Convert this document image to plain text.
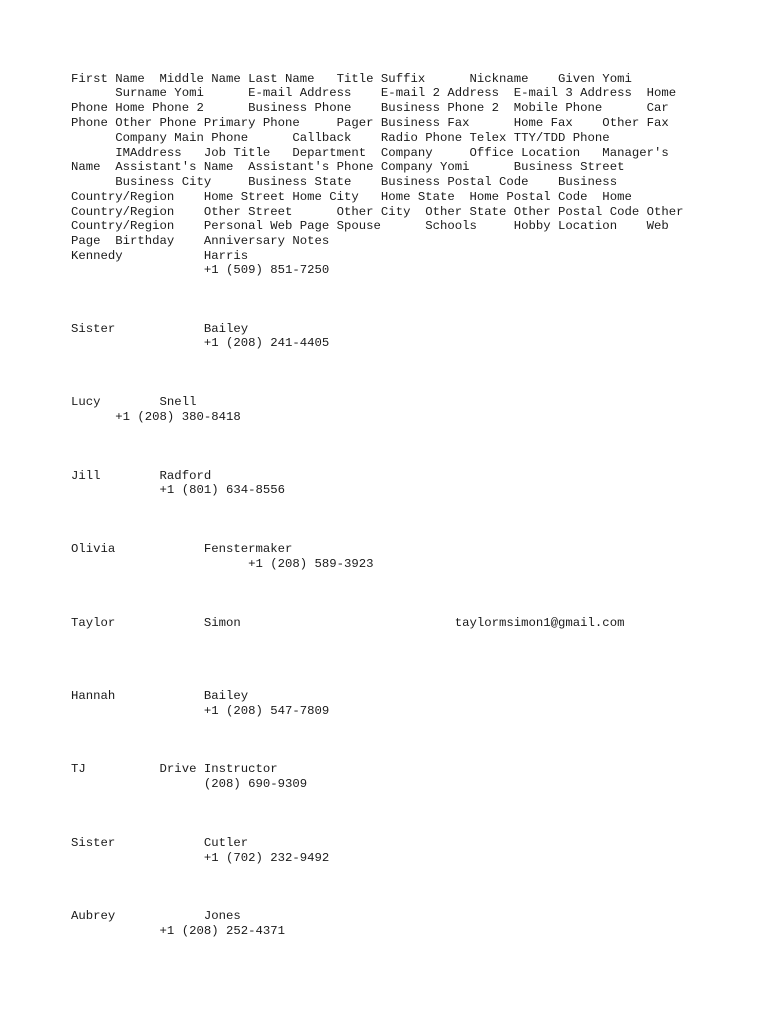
First Name  Middle Name Last Name   Title Suffix      Nickname    Given Yomi

Surname Yomi      E-mail Address    E-mail 2 Address  E-mail 3 Address  Home

Phone Home Phone 2      Business Phone    Business Phone 2  Mobile Phone      Car

Phone Other Phone Primary Phone     Pager Business Fax      Home Fax    Other Fax

Company Main Phone      Callback    Radio Phone Telex TTY/TDD Phone

IMAddress   Job Title   Department  Company     Office Location   Manager's

Name  Assistant's Name  Assistant's Phone Company Yomi      Business Street

Business City     Business State    Business Postal Code    Business

Country/Region    Home Street Home City   Home State  Home Postal Code  Home

Country/Region    Other Street      Other City  Other State Other Postal Code Other

Country/Region    Personal Web Page Spouse      Schools     Hobby Location    Web

Page  Birthday    Anniversary Notes

Kennedy           Harris

+1 (509) 851-7250

Sister            Bailey

+1 (208) 241-4405

Lucy        Snell

+1 (208) 380-8418

Jill        Radford

+1 (801) 634-8556

Olivia            Fenstermaker

+1 (208) 589-3923

Taylor            Simon                             taylormsimon1@gmail.com

Hannah            Bailey

+1 (208) 547-7809

TJ          Drive Instructor

(208) 690-9309

Sister            Cutler

+1 (702) 232-9492

Aubrey            Jones

+1 (208) 252-4371
